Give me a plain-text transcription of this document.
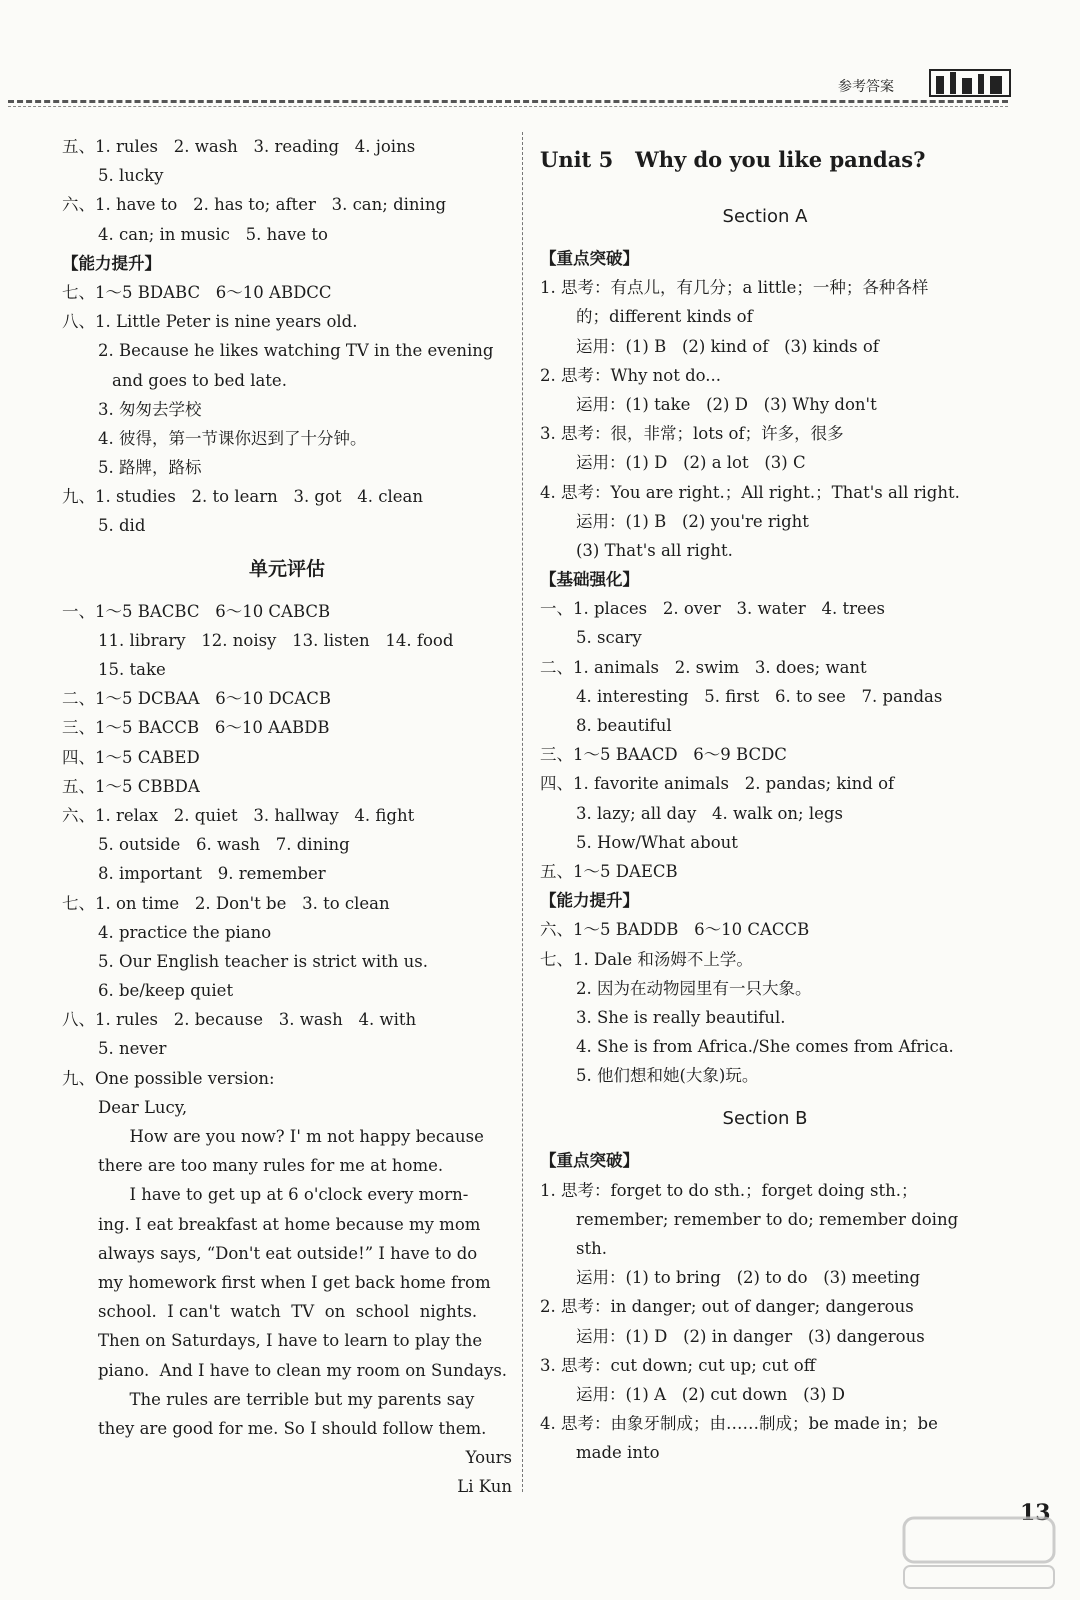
参考答案
五、1. rules   2. wash   3. reading   4. joins
5. lucky
六、1. have to   2. has to; after   3. can; dining
4. can; in music   5. have to
【能力提升】
七、1～5 BDABC   6～10 ABDCC
八、1. Little Peter is nine years old.
2. Because he likes watching TV in the evening
and goes to bed late.
3. 匆匆去学校
4. 彼得，第一节课你迟到了十分钟。
5. 路牌，路标
九、1. studies   2. to learn   3. got   4. clean
5. did
单元评估
一、1～5 BACBC   6～10 CABCB
11. library   12. noisy   13. listen   14. food
15. take
二、1～5 DCBAA   6～10 DCACB
三、1～5 BACCB   6～10 AABDB
四、1～5 CABED
五、1～5 CBBDA
六、1. relax   2. quiet   3. hallway   4. fight
5. outside   6. wash   7. dining
8. important   9. remember
七、1. on time   2. Don't be   3. to clean
4. practice the piano
5. Our English teacher is strict with us.
6. be/keep quiet
八、1. rules   2. because   3. wash   4. with
5. never
九、One possible version:
Dear Lucy,
How are you now? I' m not happy because
there are too many rules for me at home.
I have to get up at 6 o'clock every morn-
ing. I eat breakfast at home because my mom
always says, “Don't eat outside!” I have to do
my homework first when I get back home from
school.  I can't  watch  TV  on  school  nights.
Then on Saturdays, I have to learn to play the
piano.  And I have to clean my room on Sundays.
The rules are terrible but my parents say
they are good for me. So I should follow them.
Yours
Li Kun
Unit 5   Why do you like pandas?
Section A
【重点突破】
1. 思考：有点儿，有几分；a little；一种；各种各样
的；different kinds of
运用：(1) B   (2) kind of   (3) kinds of
2. 思考：Why not do...
运用：(1) take   (2) D   (3) Why don't
3. 思考：很，非常；lots of；许多，很多
运用：(1) D   (2) a lot   (3) C
4. 思考：You are right.；All right.；That's all right.
运用：(1) B   (2) you're right
(3) That's all right.
【基础强化】
一、1. places   2. over   3. water   4. trees
5. scary
二、1. animals   2. swim   3. does; want
4. interesting   5. first   6. to see   7. pandas
8. beautiful
三、1～5 BAACD   6～9 BCDC
四、1. favorite animals   2. pandas; kind of
3. lazy; all day   4. walk on; legs
5. How/What about
五、1～5 DAECB
【能力提升】
六、1～5 BADDB   6～10 CACCB
七、1. Dale 和汤姆不上学。
2. 因为在动物园里有一只大象。
3. She is really beautiful.
4. She is from Africa./She comes from Africa.
5. 他们想和她(大象)玩。
Section B
【重点突破】
1. 思考：forget to do sth.；forget doing sth.；
remember; remember to do; remember doing
sth.
运用：(1) to bring   (2) to do   (3) meeting
2. 思考：in danger; out of danger; dangerous
运用：(1) D   (2) in danger   (3) dangerous
3. 思考：cut down; cut up; cut off
运用：(1) A   (2) cut down   (3) D
4. 思考：由象牙制成；由……制成；be made in；be
made into
13
